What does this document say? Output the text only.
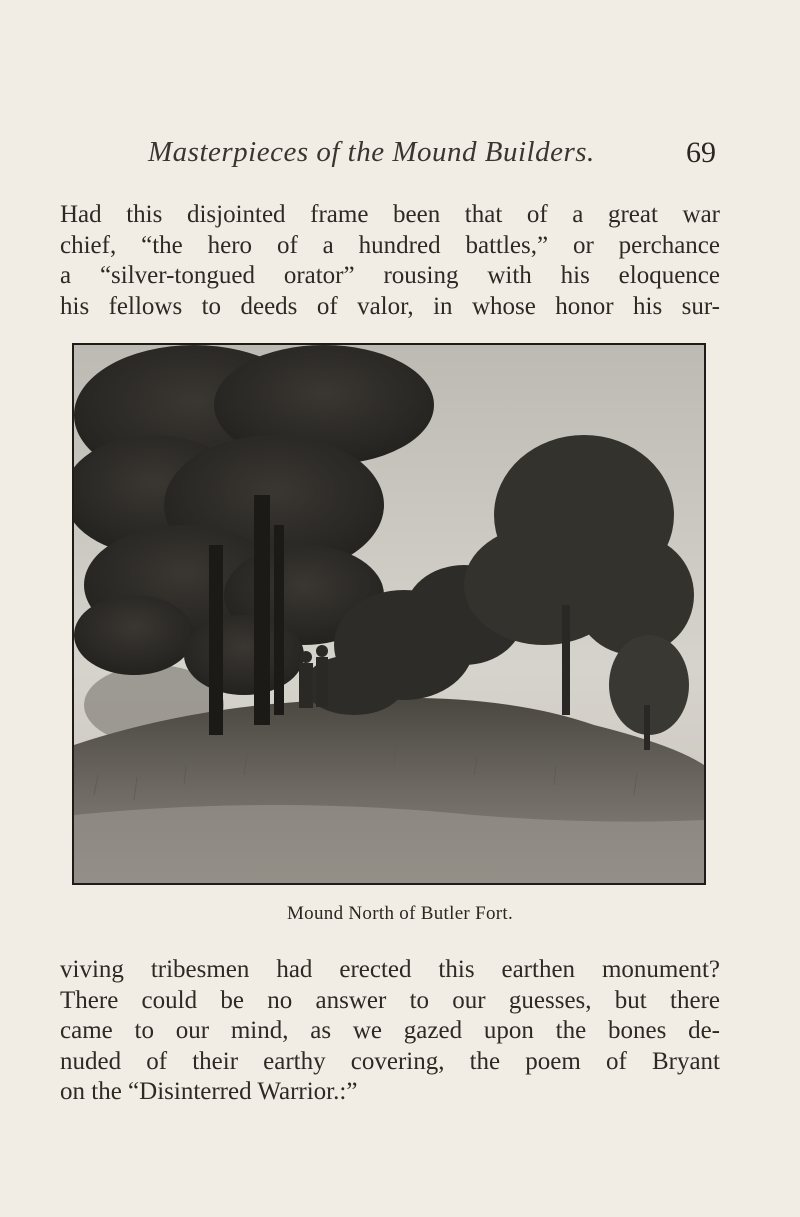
Masterpieces of the Mound Builders.	69
Had this disjointed frame been that of a great war
chief, “the hero of a hundred battles,” or perchance
a “silver-tongued orator” rousing with his eloquence
his fellows to deeds of valor, in whose honor his sur-
Mound North of Butler Fort.
viving tribesmen had erected this earthen monument?
There could be no answer to our guesses, but there
came to our mind, as we gazed upon the bones de-
nuded of their earthy covering, the poem of Bryant
on the “Disinterred Warrior.:”
